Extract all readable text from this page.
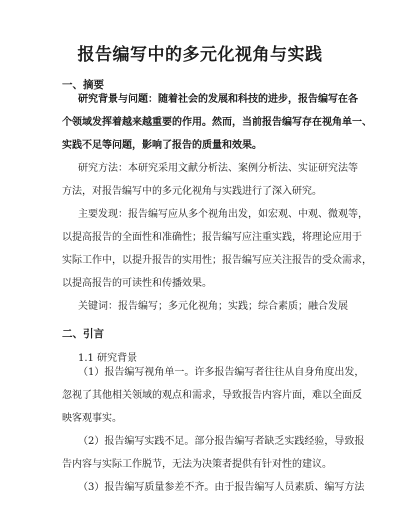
报告编写中的多元化视角与实践
一、摘要
研究背景与问题：随着社会的发展和科技的进步，报告编写在各
个领域发挥着越来越重要的作用。然而，当前报告编写存在视角单一、
实践不足等问题，影响了报告的质量和效果。
研究方法：本研究采用文献分析法、案例分析法、实证研究法等
方法，对报告编写中的多元化视角与实践进行了深入研究。
主要发现：报告编写应从多个视角出发，如宏观、中观、微观等，
以提高报告的全面性和准确性；报告编写应注重实践，将理论应用于
实际工作中，以提升报告的实用性；报告编写应关注报告的受众需求，
以提高报告的可读性和传播效果。
关键词：报告编写；多元化视角；实践；综合素质；融合发展
二、引言
1.1 研究背景
（1）报告编写视角单一。许多报告编写者往往从自身角度出发，
忽视了其他相关领域的观点和需求，导致报告内容片面，难以全面反
映客观事实。
（2）报告编写实践不足。部分报告编写者缺乏实践经验，导致报
告内容与实际工作脱节，无法为决策者提供有针对性的建议。
（3）报告编写质量参差不齐。由于报告编写人员素质、编写方法
